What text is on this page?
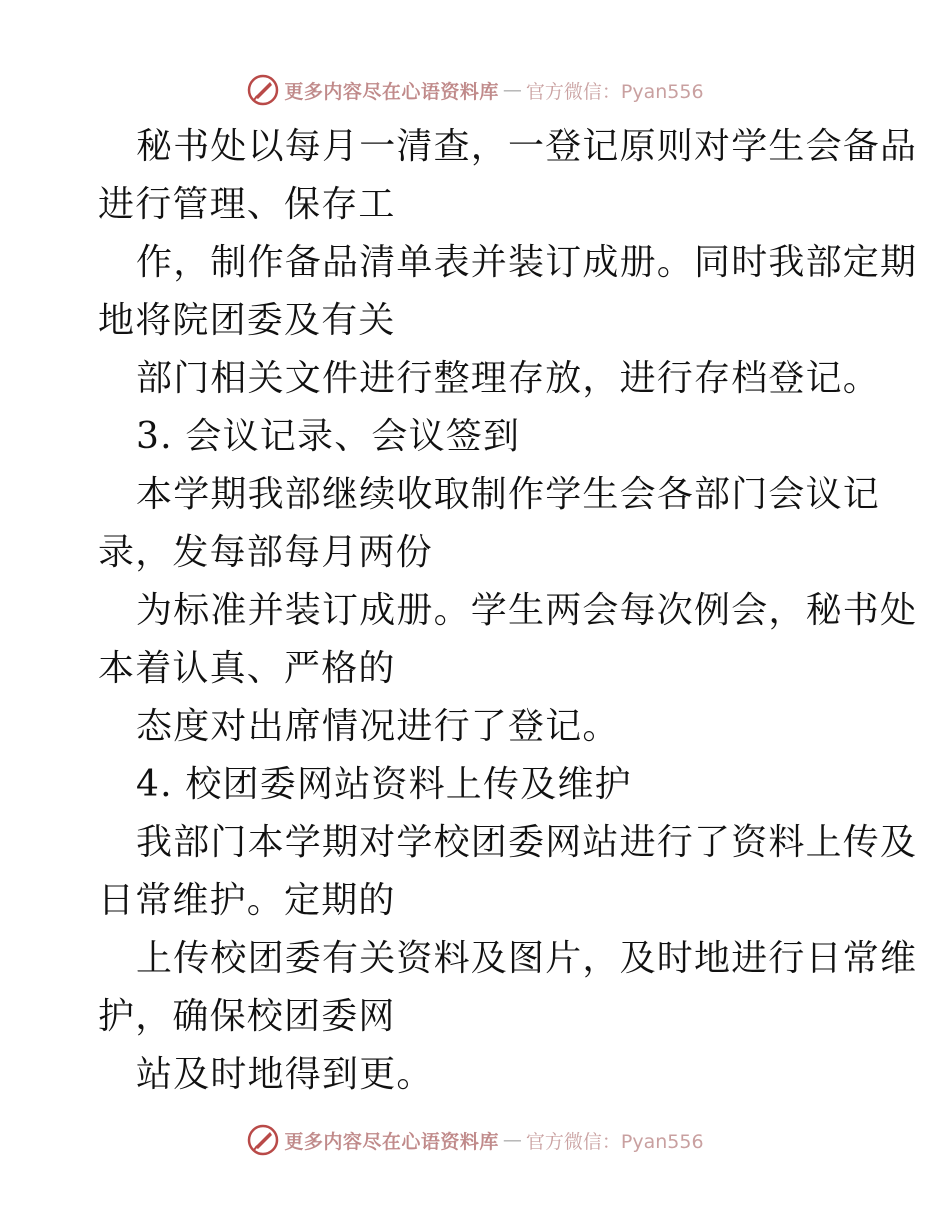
更多内容尽在心语资料库 — 官方微信：Pyan556
秘书处以每月一清查，一登记原则对学生会备品
进行管理、保存工
作，制作备品清单表并装订成册。同时我部定期
地将院团委及有关
部门相关文件进行整理存放，进行存档登记。
3. 会议记录、会议签到
本学期我部继续收取制作学生会各部门会议记
录，发每部每月两份
为标准并装订成册。学生两会每次例会，秘书处
本着认真、严格的
态度对出席情况进行了登记。
4. 校团委网站资料上传及维护
我部门本学期对学校团委网站进行了资料上传及
日常维护。定期的
上传校团委有关资料及图片，及时地进行日常维
护，确保校团委网
站及时地得到更。
更多内容尽在心语资料库 — 官方微信：Pyan556
